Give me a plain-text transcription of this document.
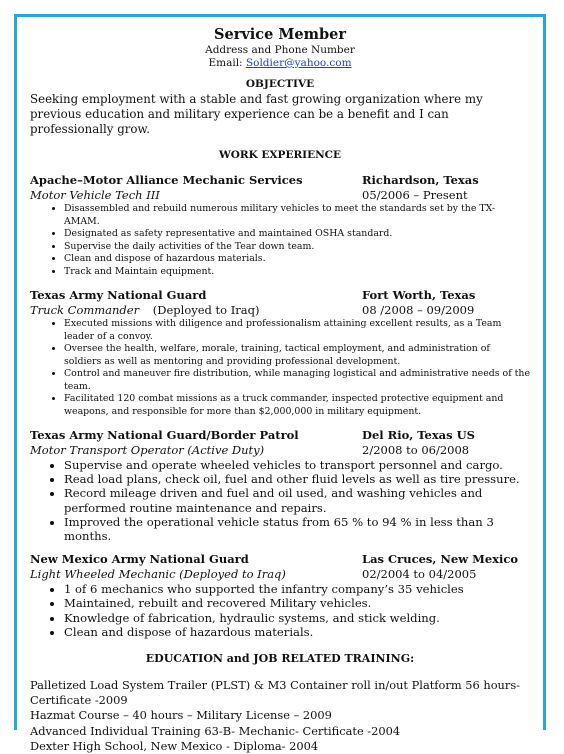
Service Member
Address and Phone Number
Email: Soldier@yahoo.com
OBJECTIVE
Seeking employment with a stable and fast growing organization where my previous education and military experience can be a benefit and I can professionally grow.
WORK EXPERIENCE
Apache–Motor Alliance Mechanic Services	Richardson, Texas
Motor Vehicle Tech III	05/2006 – Present
• Disassembled and rebuild numerous military vehicles to meet the standards set by the TX-AMAM.
• Designated as safety representative and maintained OSHA standard.
• Supervise the daily activities of the Tear down team.
• Clean and dispose of hazardous materials.
• Track and Maintain equipment.
Texas Army National Guard	Fort Worth, Texas
Truck Commander (Deployed to Iraq)	08 /2008 – 09/2009
• Executed missions with diligence and professionalism attaining excellent results, as a Team leader of a convoy.
• Oversee the health, welfare, morale, training, tactical employment, and administration of soldiers as well as mentoring and providing professional development.
• Control and maneuver fire distribution, while managing logistical and administrative needs of the team.
• Facilitated 120 combat missions as a truck commander, inspected protective equipment and weapons, and responsible for more than $2,000,000 in military equipment.
Texas Army National Guard/Border Patrol	Del Rio, Texas US
Motor Transport Operator (Active Duty)	2/2008 to 06/2008
• Supervise and operate wheeled vehicles to transport personnel and cargo.
• Read load plans, check oil, fuel and other fluid levels as well as tire pressure.
• Record mileage driven and fuel and oil used, and washing vehicles and performed routine maintenance and repairs.
• Improved the operational vehicle status from 65 % to 94 % in less than 3 months.
New Mexico Army National Guard	Las Cruces, New Mexico
Light Wheeled Mechanic (Deployed to Iraq)	02/2004 to 04/2005
• 1 of 6 mechanics who supported the infantry company’s 35 vehicles
• Maintained, rebuilt and recovered Military vehicles.
• Knowledge of fabrication, hydraulic systems, and stick welding.
• Clean and dispose of hazardous materials.
EDUCATION and JOB RELATED TRAINING:
Palletized Load System Trailer (PLST) & M3 Container roll in/out Platform 56 hours- Certificate -2009
Hazmat Course – 40 hours – Military License – 2009
Advanced Individual Training 63-B- Mechanic- Certificate -2004
Dexter High School, New Mexico - Diploma- 2004
